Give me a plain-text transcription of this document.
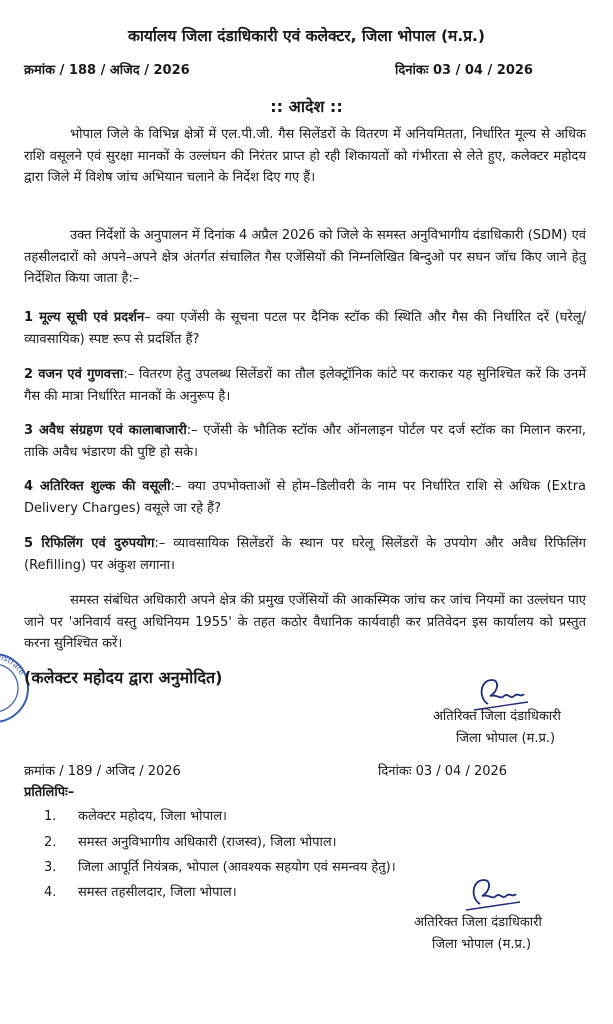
कार्यालय जिला दंडाधिकारी एवं कलेक्टर, जिला भोपाल (म.प्र.)
क्रमांक / 188 / अजिद / 2026	दिनांकः 03 / 04 / 2026
:: आदेश ::
भोपाल जिले के विभिन्न क्षेत्रों में एल.पी.जी. गैस सिलेंडरों के वितरण में अनियमितता, निर्धारित मूल्य से अधिक राशि वसूलने एवं सुरक्षा मानकों के उल्लंघन की निरंतर प्राप्त हो रही शिकायतों को गंभीरता से लेते हुए, कलेक्टर महोदय द्वारा जिले में विशेष जांच अभियान चलाने के निर्देश दिए गए हैं।
उक्त निर्देशों के अनुपालन में दिनांक 4 अप्रैल 2026 को जिले के समस्त अनुविभागीय दंडाधिकारी (SDM) एवं तहसीलदारों को अपने–अपने क्षेत्र अंतर्गत संचालित गैस एजेंसियों की निम्नलिखित बिन्दुओ पर सघन जॉच किए जाने हेतु निर्देशित किया जाता है:–
1 मूल्य सूची एवं प्रदर्शन– क्या एजेंसी के सूचना पटल पर दैनिक स्टॉक की स्थिति और गैस की निर्धारित दरें (घरेलू/व्यावसायिक) स्पष्ट रूप से प्रदर्शित हैं?
2 वजन एवं गुणवत्ता:– वितरण हेतु उपलब्ध सिलेंडरों का तौल इलेक्ट्रॉनिक कांटे पर कराकर यह सुनिश्चित करें कि उनमें गैस की मात्रा निर्धारित मानकों के अनुरूप है।
3 अवैध संग्रहण एवं कालाबाजारी:– एजेंसी के भौतिक स्टॉक और ऑनलाइन पोर्टल पर दर्ज स्टॉक का मिलान करना, ताकि अवैध भंडारण की पुष्टि हो सके।
4 अतिरिक्त शुल्क की वसूली:– क्या उपभोक्ताओं से होम–डिलीवरी के नाम पर निर्धारित राशि से अधिक (Extra Delivery Charges) वसूले जा रहे हैं?
5 रिफिलिंग एवं दुरुपयोग:– व्यावसायिक सिलेंडरों के स्थान पर घरेलू सिलेंडरों के उपयोग और अवैध रिफिलिंग (Refilling) पर अंकुश लगाना।
समस्त संबंधित अधिकारी अपने क्षेत्र की प्रमुख एजेंसियों की आकस्मिक जांच कर जांच नियमों का उल्लंघन पाए जाने पर 'अनिवार्य वस्तु अधिनियम 1955' के तहत कठोर वैधानिक कार्यवाही कर प्रतिवेदन इस कार्यालय को प्रस्तुत करना सुनिश्चित करें।
Magistrate
(कलेक्टर महोदय द्वारा अनुमोदित)
अतिरिक्त जिला दंडाधिकारी
जिला भोपाल (म.प्र.)
क्रमांक / 189 / अजिद / 2026	दिनांकः 03 / 04 / 2026
प्रतिलिपिः–
1. कलेक्टर महोदय, जिला भोपाल।
2. समस्त अनुविभागीय अधिकारी (राजस्व), जिला भोपाल।
3. जिला आपूर्ति नियंत्रक, भोपाल (आवश्यक सहयोग एवं समन्वय हेतु)।
4. समस्त तहसीलदार, जिला भोपाल।
अतिरिक्त जिला दंडाधिकारी
जिला भोपाल (म.प्र.)
